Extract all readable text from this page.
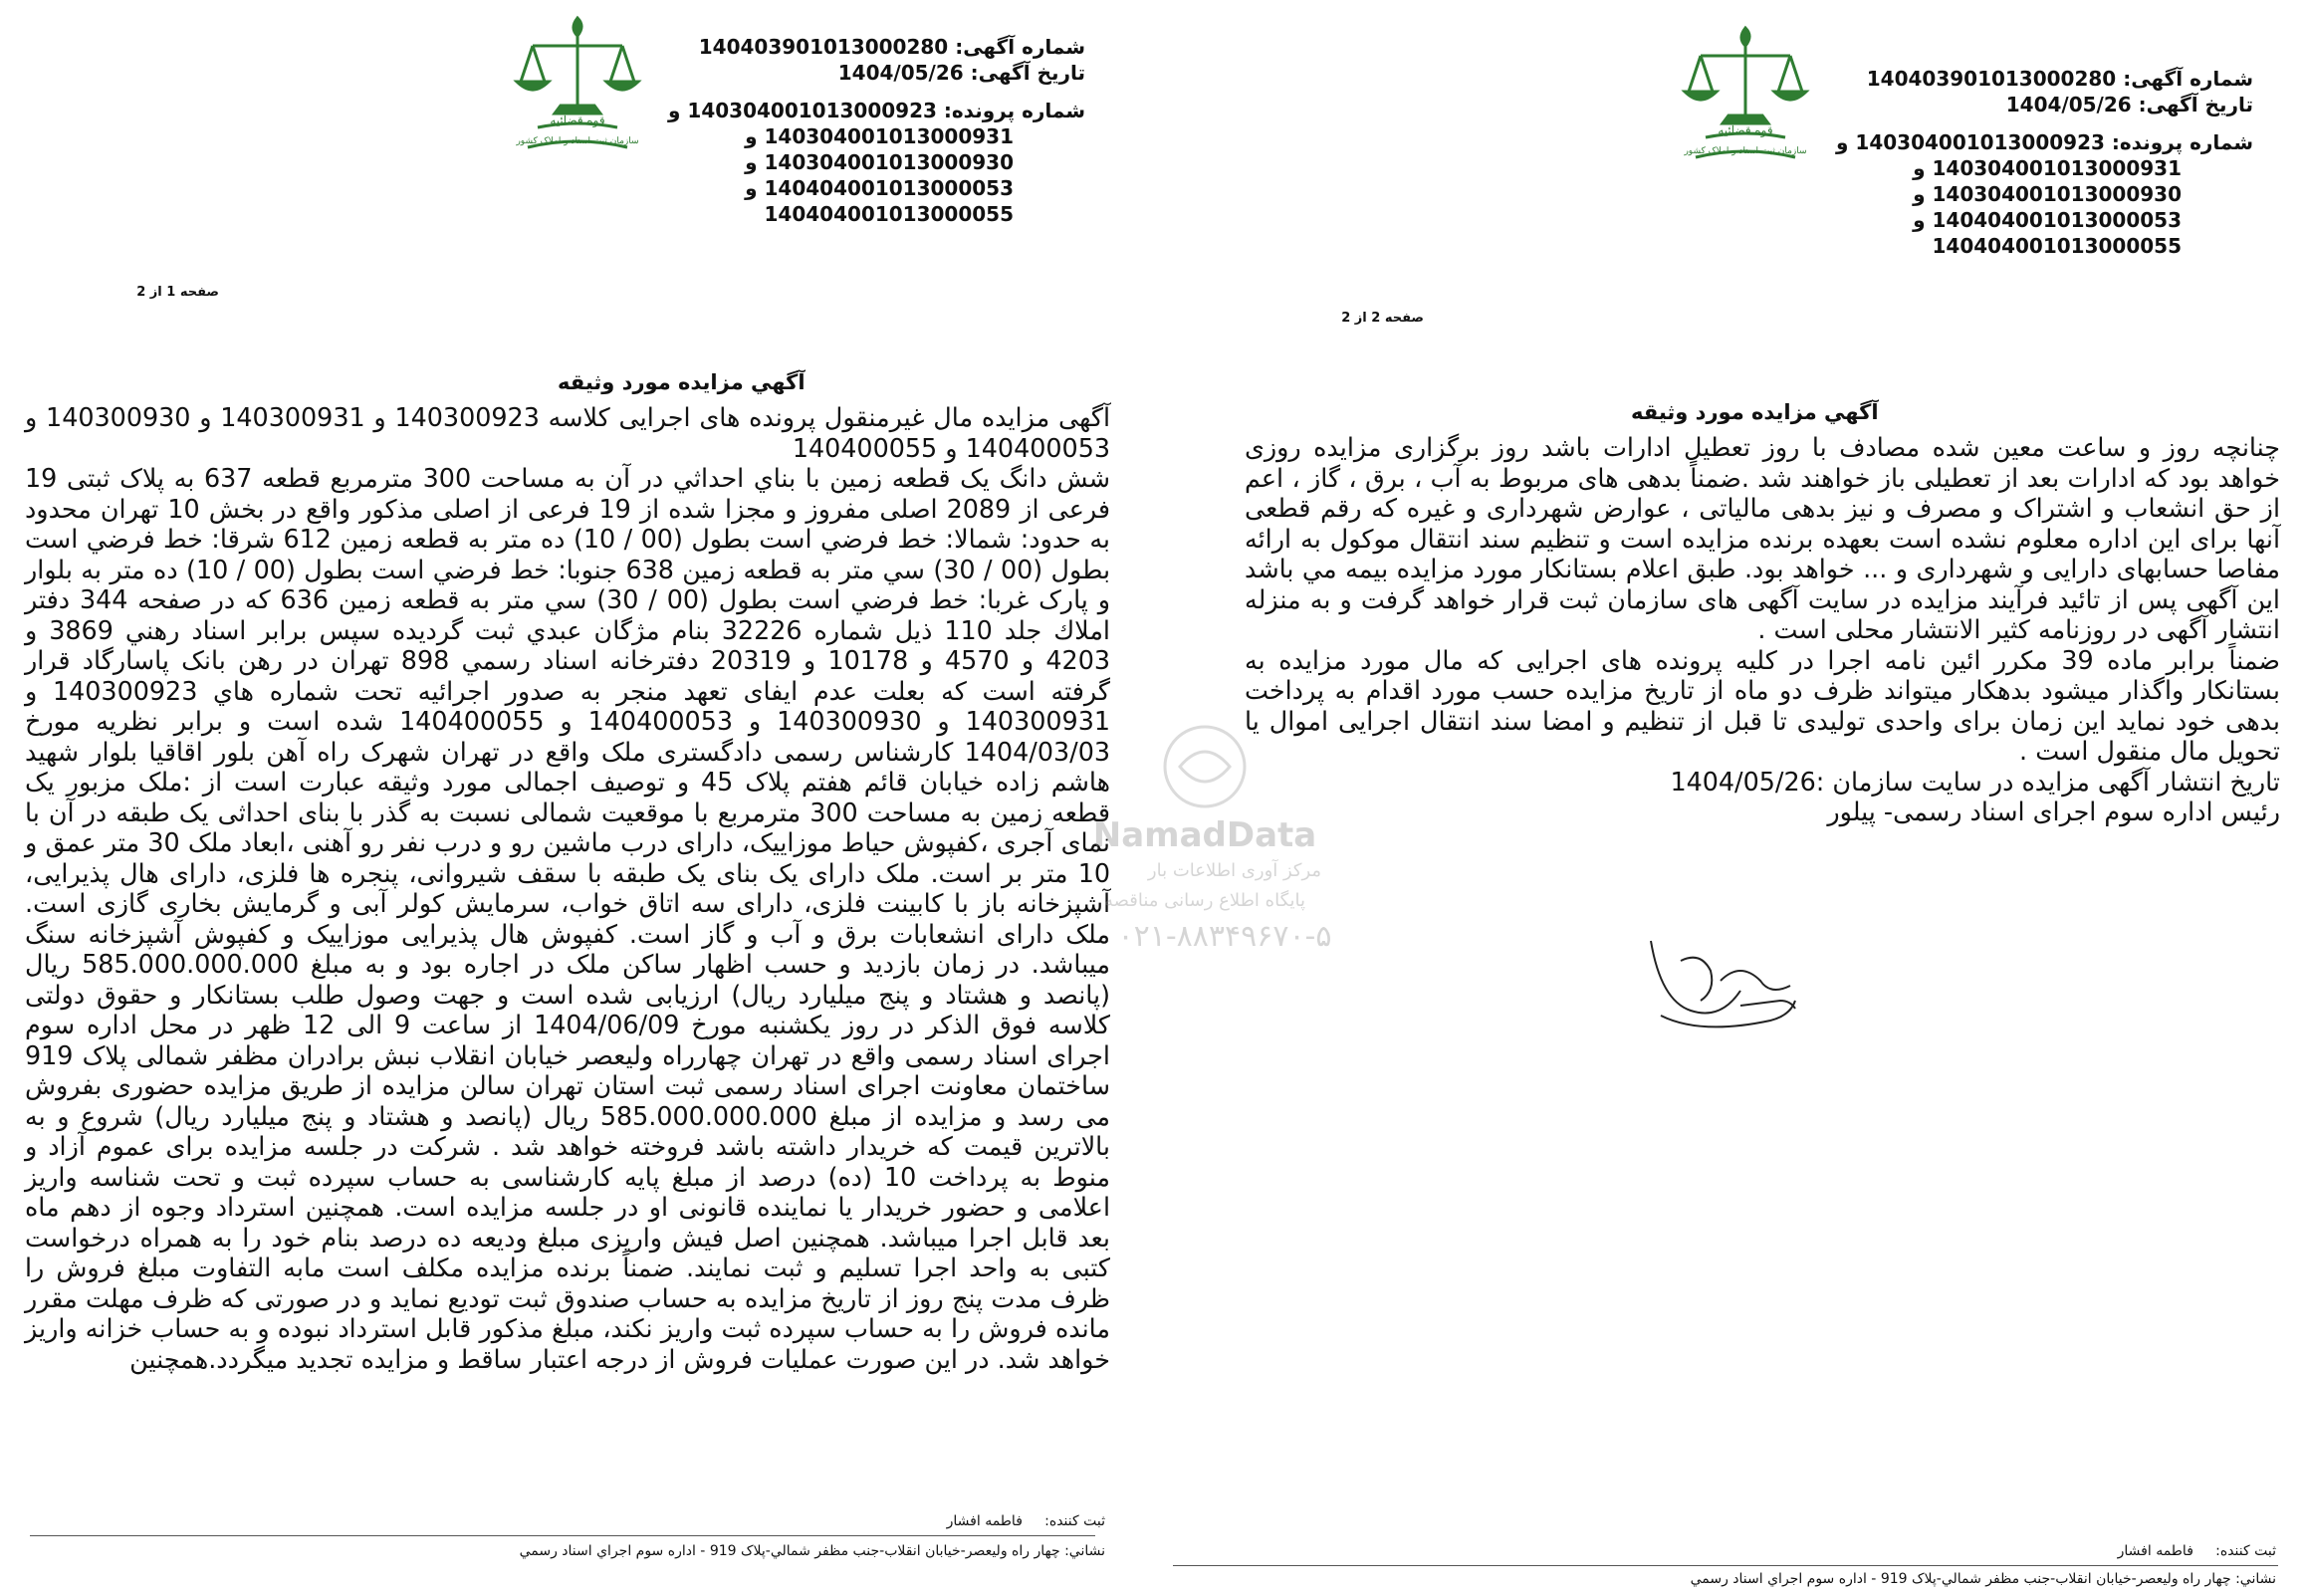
قوه قضائيه
سازمان ثبت اسناد و املاک کشور
شماره آگهی: 140403901013000280
تاریخ آگهی: 1404/05/26
شماره پرونده: 140304001013000923 و
140304001013000931 و
140304001013000930 و
140404001013000053 و
140404001013000055
صفحه 1 از 2
آگهي مزايده مورد وثيقه

آگهی مزایده مال غیرمنقول پرونده های اجرایی کلاسه 140300923 و 140300931 و 140300930 و 140400053 و 140400055

شش دانگ یک قطعه زمین با بناي احداثي در آن به مساحت 300 مترمربع قطعه 637 به پلاک ثبتی 19 فرعی از 2089 اصلی مفروز و مجزا شده از 19 فرعی از اصلی مذکور واقع در بخش 10 تهران محدود به حدود: شمالا: خط فرضي است بطول (00 / 10) ده متر به قطعه زمين 612 شرقا: خط فرضي است بطول (00 / 30) سي متر به قطعه زمين 638 جنوبا: خط فرضي است بطول (00 / 10) ده متر به بلوار و پارک غربا: خط فرضي است بطول (00 / 30) سي متر به قطعه زمين 636 كه در صفحه 344 دفتر املاك جلد 110 ذيل شماره 32226 بنام مژگان عبدي ثبت گرديده سپس برابر اسناد رهني 3869 و 4203 و 4570 و 10178 و 20319 دفترخانه اسناد رسمي 898 تهران در رهن بانک پاسارگاد قرار گرفته است که بعلت عدم ایفای تعهد منجر به صدور اجرائیه تحت شماره هاي 140300923 و 140300931 و 140300930 و 140400053 و 140400055 شده است و برابر نظريه مورخ 1404/03/03 کارشناس رسمی دادگستری ملک واقع در تهران شهرک راه آهن بلور اقاقيا بلوار شهيد هاشم زاده خيابان قائم هفتم پلاک 45 و توصيف اجمالی مورد وثيقه عبارت است از :ملک مزبور يک قطعه زمين به مساحت 300 مترمربع با موقعيت شمالی نسبت به گذر با بنای احداثی يک طبقه در آن با نمای آجری ،کفپوش حياط موزاييک، دارای درب ماشين رو و درب نفر رو آهنی ،ابعاد ملک 30 متر عمق و 10 متر بر است. ملک دارای يک بنای يک طبقه با سقف شيروانی، پنجره ها فلزی، دارای هال پذيرايی، آشپزخانه باز با کابينت فلزی، دارای سه اتاق خواب، سرمايش کولر آبی و گرمايش بخاری گازی است. ملک دارای انشعابات برق و آب و گاز است. کفپوش هال پذيرايی موزاييک و کفپوش آشپزخانه سنگ ميباشد. در زمان بازديد و حسب اظهار ساکن ملک در اجاره بود و به مبلغ 585.000.000.000 ريال (پانصد و هشتاد و پنج ميليارد ريال) ارزيابی شده است و جهت وصول طلب بستانکار و حقوق دولتی کلاسه فوق الذکر در روز يکشنبه مورخ 1404/06/09 از ساعت 9 الی 12 ظهر در محل اداره سوم اجرای اسناد رسمی واقع در تهران چهارراه وليعصر خيابان انقلاب نبش برادران مظفر شمالی پلاک 919 ساختمان معاونت اجرای اسناد رسمی ثبت استان تهران سالن مزايده از طريق مزايده حضوری بفروش می رسد و مزايده از مبلغ 585.000.000.000 ريال (پانصد و هشتاد و پنج ميليارد ريال) شروع و به بالاترين قيمت که خريدار داشته باشد فروخته خواهد شد . شرکت در جلسه مزايده برای عموم آزاد و منوط به پرداخت 10 (ده) درصد از مبلغ پايه کارشناسی به حساب سپرده ثبت و تحت شناسه واريز اعلامی و حضور خريدار يا نماينده قانونی او در جلسه مزايده است. همچنين استرداد وجوه از دهم ماه بعد قابل اجرا ميباشد. همچنين اصل فيش واريزی مبلغ وديعه ده درصد بنام خود را به همراه درخواست کتبی به واحد اجرا تسليم و ثبت نمايند. ضمناً برنده مزايده مکلف است مابه التفاوت مبلغ فروش را ظرف مدت پنج روز از تاريخ مزايده به حساب صندوق ثبت توديع نمايد و در صورتی که ظرف مهلت مقرر مانده فروش را به حساب سپرده ثبت واريز نکند، مبلغ مذکور قابل استرداد نبوده و به حساب خزانه واريز خواهد شد. در اين صورت عمليات فروش از درجه اعتبار ساقط و مزايده تجديد ميگردد.همچنين

ثبت کننده:     فاطمه افشار
نشاني: چهار راه وليعصر-خيابان انقلاب-جنب مظفر شمالي-پلاک 919 - اداره سوم اجراي اسناد رسمي
قوه قضائيه
سازمان ثبت اسناد و املاک کشور
شماره آگهی: 140403901013000280
تاریخ آگهی: 1404/05/26
شماره پرونده: 140304001013000923 و
140304001013000931 و
140304001013000930 و
140404001013000053 و
140404001013000055
صفحه 2 از 2
آگهي مزايده مورد وثيقه

چنانچه روز و ساعت معين شده مصادف با روز تعطيل ادارات باشد روز برگزاری مزايده روزی خواهد بود که ادارات بعد از تعطيلی باز خواهند شد .ضمناً بدهی های مربوط به آب ، برق ، گاز ، اعم از حق انشعاب و اشتراک و مصرف و نيز بدهی مالياتی ، عوارض شهرداری و غيره که رقم قطعی آنها برای اين اداره معلوم نشده است بعهده برنده مزايده است و تنظيم سند انتقال موکول به ارائه مفاصا حسابهای دارايی و شهرداری و ... خواهد بود. طبق اعلام بستانکار مورد مزايده بيمه مي باشد اين آگهی پس از تائيد فرآيند مزايده در سايت آگهی های سازمان ثبت قرار خواهد گرفت و به منزله انتشار آگهی در روزنامه کثير الانتشار محلی است .

ضمناً برابر ماده 39 مکرر ائين نامه اجرا در کليه پرونده های اجرايی که مال مورد مزايده به بستانکار واگذار ميشود بدهکار ميتواند ظرف دو ماه از تاريخ مزايده حسب مورد اقدام به پرداخت بدهی خود نمايد اين زمان برای واحدی توليدی تا قبل از تنظيم و امضا سند انتقال اجرايی اموال يا تحويل مال منقول است .

تاريخ انتشار آگهی مزايده در سايت سازمان :1404/05/26

رئيس اداره سوم اجرای اسناد رسمی- پيلور

ثبت کننده:     فاطمه افشار
نشاني: چهار راه وليعصر-خيابان انقلاب-جنب مظفر شمالي-پلاک 919 - اداره سوم اجراي اسناد رسمي
NamadData
مرکز آوری اطلاعات بار
پایگاه اطلاع رسانی مناقصه
۰۲۱-۸۸۳۴۹۶۷۰-۵
